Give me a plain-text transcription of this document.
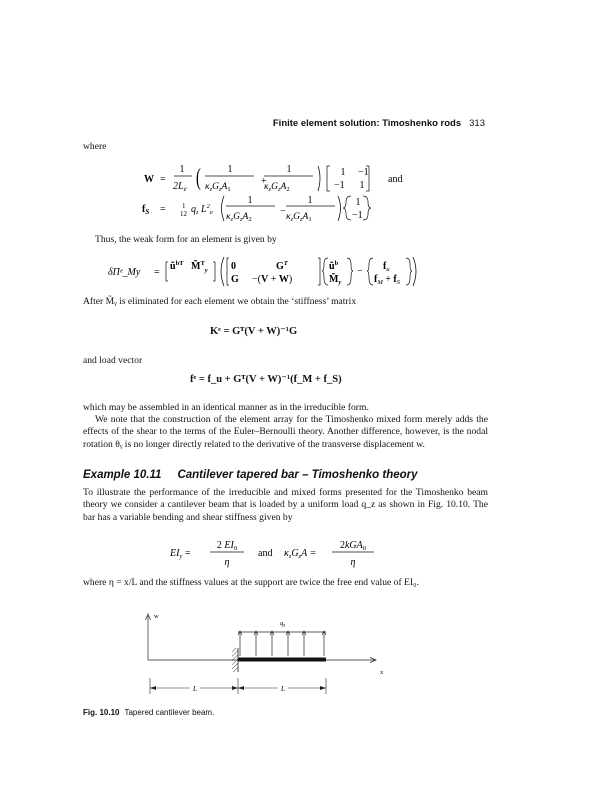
Finite element solution: Timoshenko rods 313
where
W =
1
$2L_e$ (	1
$\kappa_zG_zA_1$
+
1
$\kappa_zG_zA_2$
1 −1
−1 1
and
$f_S = 1$
12 $q_z$ $L^2_e$
1
$\kappa_zG_zA_2$
−
1
$\kappa_zG_zA_1$
1
−1
Thus, the weak form for an element is given by
δΠᵉ_My =
$ũ^{bT}$ M̃$^T_y$ 0	$G^T$
G −(V + W)
$ũ^b$
$M̃_y$
− $f_u$
$f_M + f_S$
After M̃ᵧ is eliminated for each element we obtain the ‘stiffness’ matrix
Kᵉ = Gᵀ(V + W)⁻¹G
and load vector
fᵉ = f_u + Gᵀ(V + W)⁻¹(f_M + f_S)
which may be assembled in an identical manner as in the irreducible form.
We note that the construction of the element array for the Timoshenko mixed form merely adds the effects of the shear to the terms of the Euler–Bernoulli theory. Another difference, however, is the nodal rotation θᵧ is no longer directly related to the derivative of the transverse displacement w.
Example 10.11 Cantilever tapered bar – Timoshenko theory
To illustrate the performance of the irreducible and mixed forms presented for the Timoshenko beam theory we consider a cantilever beam that is loaded by a uniform load q_z as shown in Fig. 10.10. The bar has a variable bending and shear stiffness given by
$EI_y$ =
2 $EI_0$
η
and $\kappa_zG_zA$ =
2kGA$_0$
η
where η = x/L and the stiffness values at the support are twice the free end value of EI₀.
w
x
$q_z$
L	L
Fig. 10.10 Tapered cantilever beam.
